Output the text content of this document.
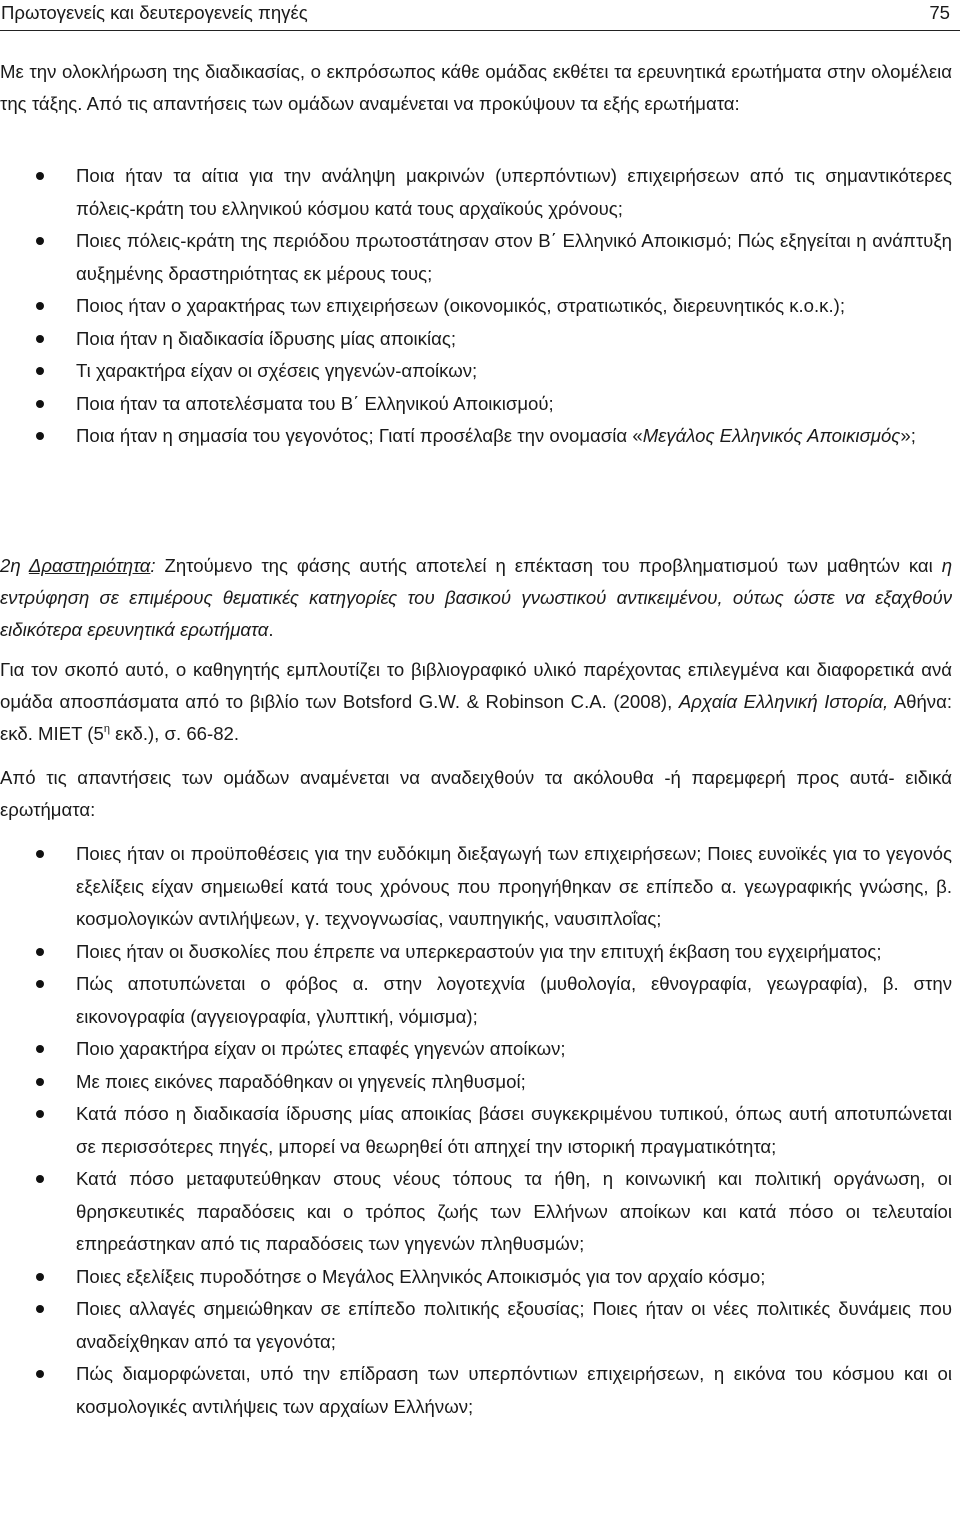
Πρωτογενείς και δευτερογενείς πηγές	75
Με την ολοκλήρωση της διαδικασίας, ο εκπρόσωπος κάθε ομάδας εκθέτει τα ερευνητικά ερωτήματα στην ολομέλεια της τάξης. Από τις απαντήσεις των ομάδων αναμένεται να προκύψουν τα εξής ερωτήματα:
Ποια ήταν τα αίτια για την ανάληψη μακρινών (υπερπόντιων) επιχειρήσεων από τις σημαντικότερες πόλεις-κράτη του ελληνικού κόσμου κατά τους αρχαϊκούς χρόνους;
Ποιες πόλεις-κράτη της περιόδου πρωτοστάτησαν στον Β΄ Ελληνικό Αποικισμό; Πώς εξηγείται η ανάπτυξη αυξημένης δραστηριότητας εκ μέρους τους;
Ποιος ήταν ο χαρακτήρας των επιχειρήσεων (οικονομικός, στρατιωτικός, διερευνητικός κ.ο.κ.);
Ποια ήταν η διαδικασία ίδρυσης μίας αποικίας;
Τι χαρακτήρα είχαν οι σχέσεις γηγενών-αποίκων;
Ποια ήταν τα αποτελέσματα του Β΄ Ελληνικού Αποικισμού;
Ποια ήταν η σημασία του γεγονότος; Γιατί προσέλαβε την ονομασία «Μεγάλος Ελληνικός Αποικισμός»;
2η Δραστηριότητα: Ζητούμενο της φάσης αυτής αποτελεί η επέκταση του προβληματισμού των μαθητών και η εντρύφηση σε επιμέρους θεματικές κατηγορίες του βασικού γνωστικού αντικειμένου, ούτως ώστε να εξαχθούν ειδικότερα ερευνητικά ερωτήματα.
Για τον σκοπό αυτό, ο καθηγητής εμπλουτίζει το βιβλιογραφικό υλικό παρέχοντας επιλεγμένα και διαφορετικά ανά ομάδα αποσπάσματα από το βιβλίο των Botsford G.W. & Robinson C.A. (2008), Αρχαία Ελληνική Ιστορία, Αθήνα: εκδ. ΜΙΕΤ ($5^\eta$ εκδ.), σ. 66-82.
Από τις απαντήσεις των ομάδων αναμένεται να αναδειχθούν τα ακόλουθα -ή παρεμφερή προς αυτά- ειδικά ερωτήματα:
Ποιες ήταν οι προϋποθέσεις για την ευδόκιμη διεξαγωγή των επιχειρήσεων; Ποιες ευνοϊκές για το γεγονός εξελίξεις είχαν σημειωθεί κατά τους χρόνους που προηγήθηκαν σε επίπεδο α. γεωγραφικής γνώσης, β. κοσμολογικών αντιλήψεων, γ. τεχνογνωσίας, ναυπηγικής, ναυσιπλοΐας;
Ποιες ήταν οι δυσκολίες που έπρεπε να υπερκεραστούν για την επιτυχή έκβαση του εγχειρήματος;
Πώς αποτυπώνεται ο φόβος α. στην λογοτεχνία (μυθολογία, εθνογραφία, γεωγραφία), β. στην εικονογραφία (αγγειογραφία, γλυπτική, νόμισμα);
Ποιο χαρακτήρα είχαν οι πρώτες επαφές γηγενών αποίκων;
Με ποιες εικόνες παραδόθηκαν οι γηγενείς πληθυσμοί;
Κατά πόσο η διαδικασία ίδρυσης μίας αποικίας βάσει συγκεκριμένου τυπικού, όπως αυτή αποτυπώνεται σε περισσότερες πηγές, μπορεί να θεωρηθεί ότι απηχεί την ιστορική πραγματικότητα;
Κατά πόσο μεταφυτεύθηκαν στους νέους τόπους τα ήθη, η κοινωνική και πολιτική οργάνωση, οι θρησκευτικές παραδόσεις και ο τρόπος ζωής των Ελλήνων αποίκων και κατά πόσο οι τελευταίοι επηρεάστηκαν από τις παραδόσεις των γηγενών πληθυσμών;
Ποιες εξελίξεις πυροδότησε ο Μεγάλος Ελληνικός Αποικισμός για τον αρχαίο κόσμο;
Ποιες αλλαγές σημειώθηκαν σε επίπεδο πολιτικής εξουσίας; Ποιες ήταν οι νέες πολιτικές δυνάμεις που αναδείχθηκαν από τα γεγονότα;
Πώς διαμορφώνεται, υπό την επίδραση των υπερπόντιων επιχειρήσεων, η εικόνα του κόσμου και οι κοσμολογικές αντιλήψεις των αρχαίων Ελλήνων;
